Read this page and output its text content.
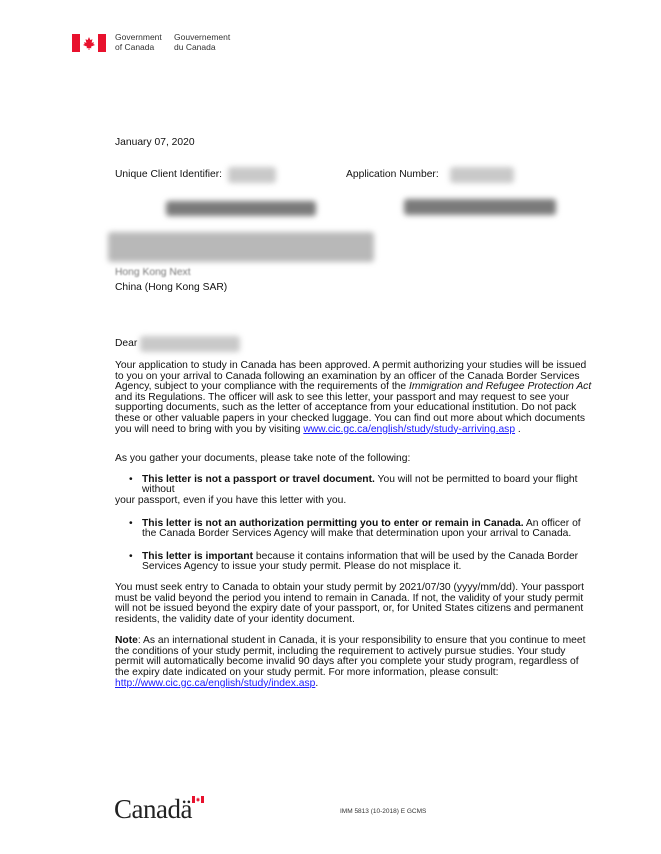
Government
of Canada
Gouvernement
du Canada
January 07, 2020
Unique Client Identifier:	Application Number:
Hong Kong Next
China (Hong Kong SAR)
Dear
Your application to study in Canada has been approved. A permit authorizing your studies will be issued to you on your arrival to Canada following an examination by an officer of the Canada Border Services Agency, subject to your compliance with the requirements of the Immigration and Refugee Protection Act and its Regulations. The officer will ask to see this letter, your passport and may request to see your supporting documents, such as the letter of acceptance from your educational institution. Do not pack these or other valuable papers in your checked luggage. You can find out more about which documents you will need to bring with you by visiting www.cic.gc.ca/english/study/study-arriving.asp .
As you gather your documents, please take note of the following:
• This letter is not a passport or travel document. You will not be permitted to board your flight without
your passport, even if you have this letter with you.
• This letter is not an authorization permitting you to enter or remain in Canada. An officer of the Canada Border Services Agency will make that determination upon your arrival to Canada.
• This letter is important because it contains information that will be used by the Canada Border Services Agency to issue your study permit. Please do not misplace it.
You must seek entry to Canada to obtain your study permit by 2021/07/30 (yyyy/mm/dd). Your passport must be valid beyond the period you intend to remain in Canada. If not, the validity of your study permit will not be issued beyond the expiry date of your passport, or, for United States citizens and permanent residents, the validity date of your identity document.
Note: As an international student in Canada, it is your responsibility to ensure that you continue to meet the conditions of your study permit, including the requirement to actively pursue studies. Your study permit will automatically become invalid 90 days after you complete your study program, regardless of the expiry date indicated on your study permit. For more information, please consult: http://www.cic.gc.ca/english/study/index.asp.
Canadä	IMM 5813 (10-2018) E GCMS
